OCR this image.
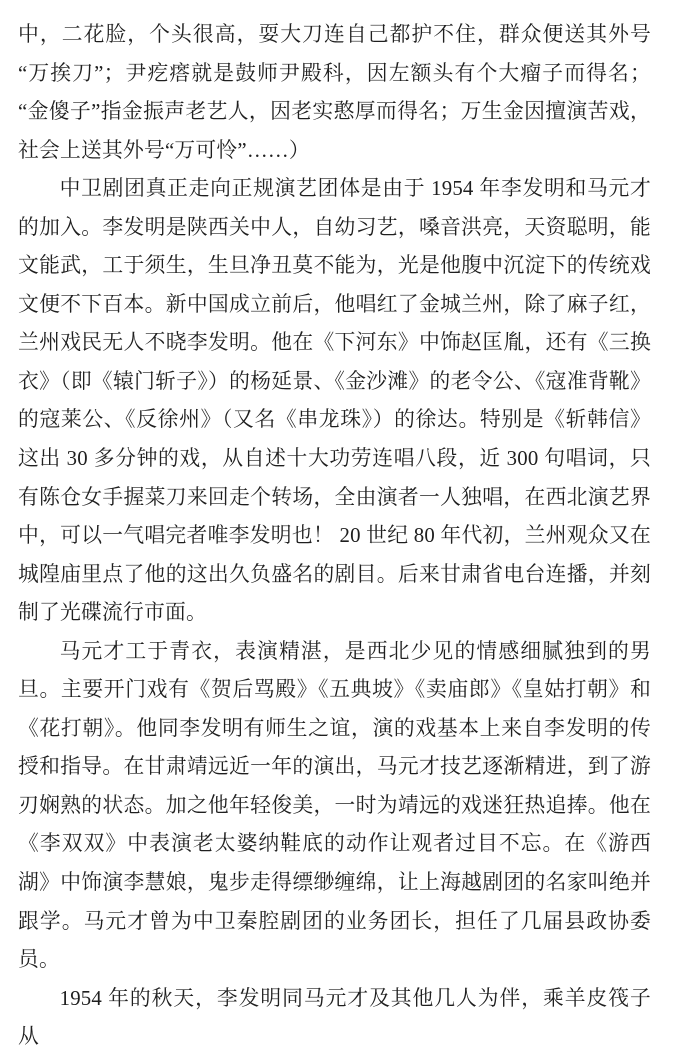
中，二花脸，个头很高，耍大刀连自己都护不住，群众便送其外号“万挨刀”；尹疙瘩就是鼓师尹殿科，因左额头有个大瘤子而得名；“金傻子”指金振声老艺人，因老实憨厚而得名；万生金因擅演苦戏，社会上送其外号“万可怜”……）

中卫剧团真正走向正规演艺团体是由于 1954 年李发明和马元才的加入。李发明是陕西关中人，自幼习艺，嗓音洪亮，天资聪明，能文能武，工于须生，生旦净丑莫不能为，光是他腹中沉淀下的传统戏文便不下百本。新中国成立前后，他唱红了金城兰州，除了麻子红，兰州戏民无人不晓李发明。他在《下河东》中饰赵匡胤，还有《三换衣》（即《辕门斩子》）的杨延景、《金沙滩》的老令公、《寇准背靴》的寇莱公、《反徐州》（又名《串龙珠》）的徐达。特别是《斩韩信》这出 30 多分钟的戏，从自述十大功劳连唱八段，近 300 句唱词，只有陈仓女手握菜刀来回走个转场，全由演者一人独唱，在西北演艺界中，可以一气唱完者唯李发明也！ 20 世纪 80 年代初，兰州观众又在城隍庙里点了他的这出久负盛名的剧目。后来甘肃省电台连播，并刻制了光碟流行市面。

马元才工于青衣，表演精湛，是西北少见的情感细腻独到的男旦。主要开门戏有《贺后骂殿》《五典坡》《卖庙郎》《皇姑打朝》和《花打朝》。他同李发明有师生之谊，演的戏基本上来自李发明的传授和指导。在甘肃靖远近一年的演出，马元才技艺逐渐精进，到了游刃娴熟的状态。加之他年轻俊美，一时为靖远的戏迷狂热追捧。他在《李双双》中表演老太婆纳鞋底的动作让观者过目不忘。在《游西湖》中饰演李慧娘，鬼步走得缥缈缠绵，让上海越剧团的名家叫绝并跟学。马元才曾为中卫秦腔剧团的业务团长，担任了几届县政协委员。

1954 年的秋天，李发明同马元才及其他几人为伴，乘羊皮筏子从
